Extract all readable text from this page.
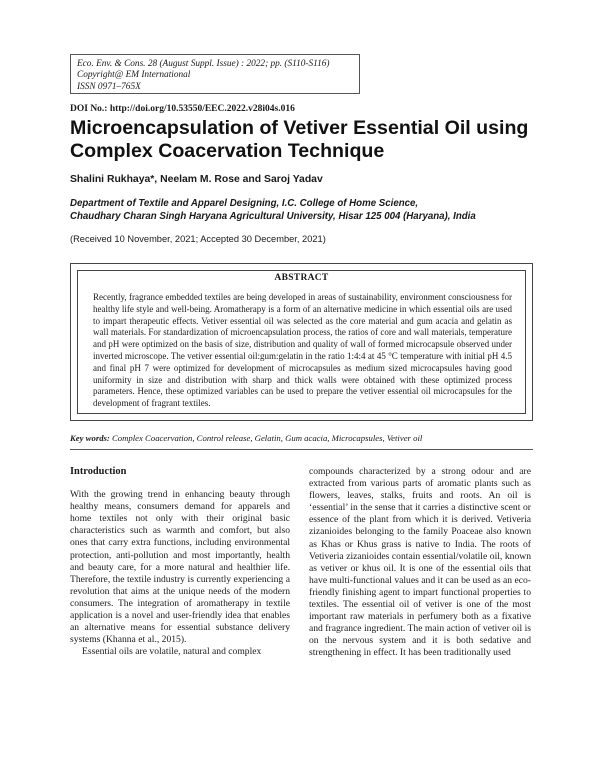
Eco. Env. & Cons. 28 (August Suppl. Issue) : 2022; pp. (S110-S116)
Copyright@ EM International
ISSN 0971–765X
DOI No.: http://doi.org/10.53550/EEC.2022.v28i04s.016
Microencapsulation of Vetiver Essential Oil using Complex Coacervation Technique
Shalini Rukhaya*, Neelam M. Rose and Saroj Yadav
Department of Textile and Apparel Designing, I.C. College of Home Science,
Chaudhary Charan Singh Haryana Agricultural University, Hisar 125 004 (Haryana), India
(Received 10 November, 2021; Accepted 30 December, 2021)
ABSTRACT

Recently, fragrance embedded textiles are being developed in areas of sustainability, environment consciousness for healthy life style and well-being. Aromatherapy is a form of an alternative medicine in which essential oils are used to impart therapeutic effects. Vetiver essential oil was selected as the core material and gum acacia and gelatin as wall materials. For standardization of microencapsulation process, the ratios of core and wall materials, temperature and pH were optimized on the basis of size, distribution and quality of wall of formed microcapsule observed under inverted microscope. The vetiver essential oil:gum:gelatin in the ratio 1:4:4 at 45 °C temperature with initial pH 4.5 and final pH 7 were optimized for development of microcapsules as medium sized microcapsules having good uniformity in size and distribution with sharp and thick walls were obtained with these optimized process parameters. Hence, these optimized variables can be used to prepare the vetiver essential oil microcapsules for the development of fragrant textiles.

Key words: Complex Coacervation, Control release, Gelatin, Gum acacia, Microcapsules, Vetiver oil
Introduction

With the growing trend in enhancing beauty through healthy means, consumers demand for apparels and home textiles not only with their original basic characteristics such as warmth and comfort, but also ones that carry extra functions, including environmental protection, anti-pollution and most importantly, health and beauty care, for a more natural and healthier life. Therefore, the textile industry is currently experiencing a revolution that aims at the unique needs of the modern consumers. The integration of aromatherapy in textile application is a novel and user-friendly idea that enables an alternative means for essential substance delivery systems (Khanna et al., 2015).

Essential oils are volatile, natural and complex

compounds characterized by a strong odour and are extracted from various parts of aromatic plants such as flowers, leaves, stalks, fruits and roots. An oil is ‘essential’ in the sense that it carries a distinctive scent or essence of the plant from which it is derived. Vetiveria zizanioides belonging to the family Poaceae also known as Khas or Khus grass is native to India. The roots of Vetiveria zizanioides contain essential/volatile oil, known as vetiver or khus oil. It is one of the essential oils that have multi-functional values and it can be used as an eco-friendly finishing agent to impart functional properties to textiles. The essential oil of vetiver is one of the most important raw materials in perfumery both as a fixative and fragrance ingredient. The main action of vetiver oil is on the nervous system and it is both sedative and strengthening in effect. It has been traditionally used
